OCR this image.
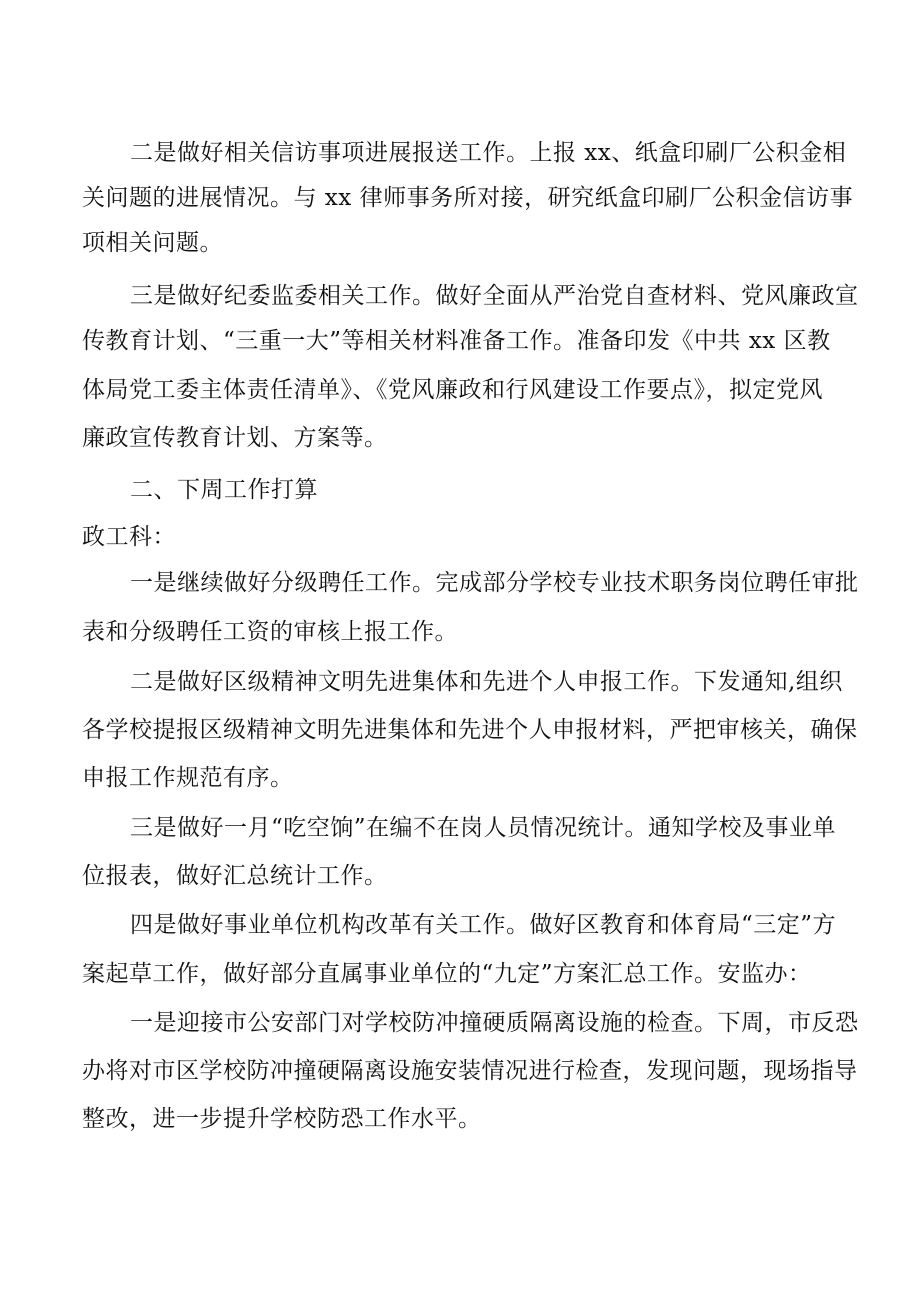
二是做好相关信访事项进展报送工作。上报 xx、纸盒印刷厂公积金相
关问题的进展情况。与 xx 律师事务所对接，研究纸盒印刷厂公积金信访事
项相关问题。
三是做好纪委监委相关工作。做好全面从严治党自查材料、党风廉政宣
传教育计划、“三重一大”等相关材料准备工作。准备印发《中共 xx 区教
体局党工委主体责任清单》、《党风廉政和行风建设工作要点》，拟定党风
廉政宣传教育计划、方案等。
二、下周工作打算
政工科：
一是继续做好分级聘任工作。完成部分学校专业技术职务岗位聘任审批
表和分级聘任工资的审核上报工作。
二是做好区级精神文明先进集体和先进个人申报工作。下发通知,组织
各学校提报区级精神文明先进集体和先进个人申报材料，严把审核关，确保
申报工作规范有序。
三是做好一月“吃空饷”在编不在岗人员情况统计。通知学校及事业单
位报表，做好汇总统计工作。
四是做好事业单位机构改革有关工作。做好区教育和体育局“三定”方
案起草工作，做好部分直属事业单位的“九定”方案汇总工作。安监办：
一是迎接市公安部门对学校防冲撞硬质隔离设施的检查。下周，市反恐
办将对市区学校防冲撞硬隔离设施安装情况进行检查，发现问题，现场指导
整改，进一步提升学校防恐工作水平。
